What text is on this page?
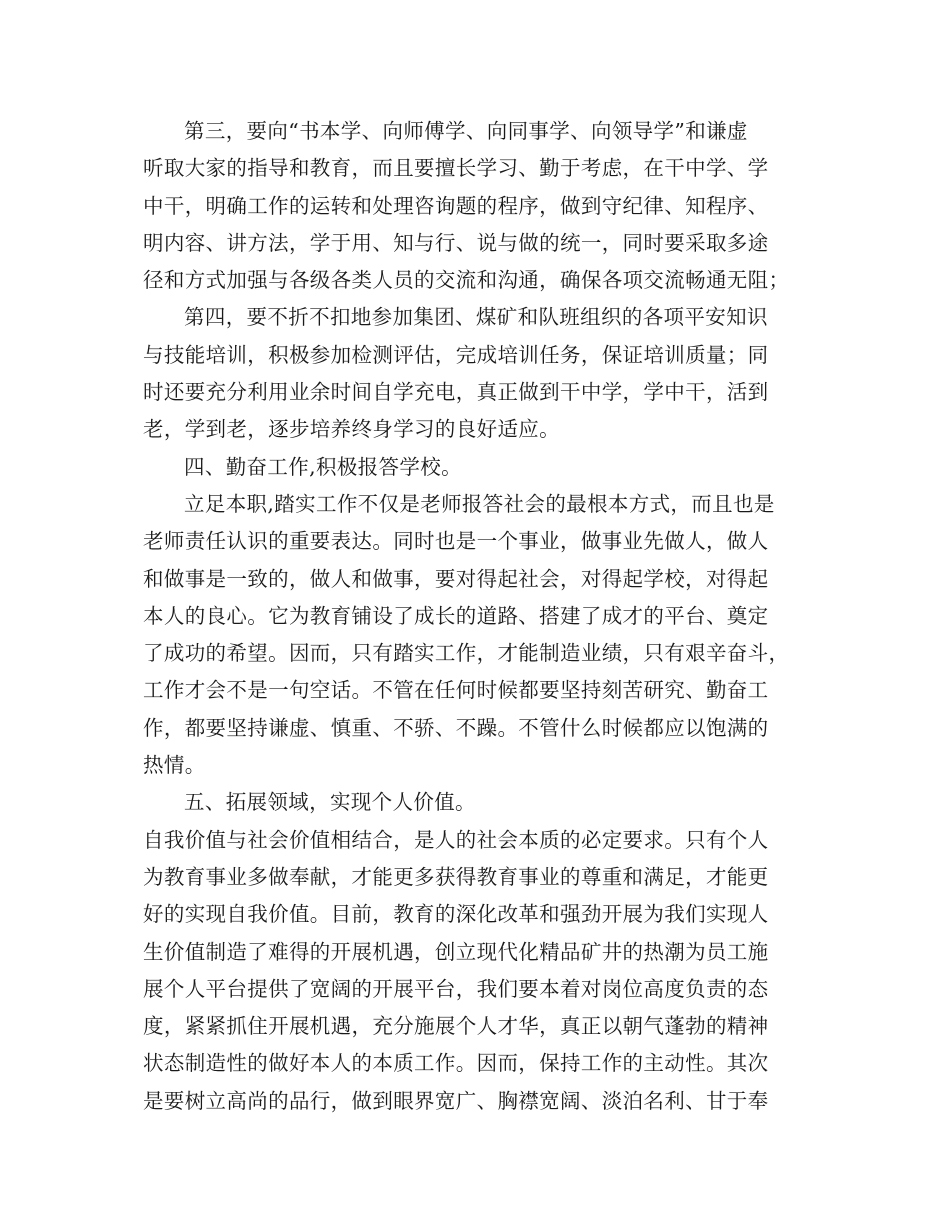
第三，要向“书本学、向师傅学、向同事学、向领导学”和谦虚
听取大家的指导和教育，而且要擅长学习、勤于考虑，在干中学、学
中干，明确工作的运转和处理咨询题的程序，做到守纪律、知程序、
明内容、讲方法，学于用、知与行、说与做的统一，同时要采取多途
径和方式加强与各级各类人员的交流和沟通，确保各项交流畅通无阻；
第四，要不折不扣地参加集团、煤矿和队班组织的各项平安知识
与技能培训，积极参加检测评估，完成培训任务，保证培训质量；同
时还要充分利用业余时间自学充电，真正做到干中学，学中干，活到
老，学到老，逐步培养终身学习的良好适应。
四、勤奋工作,积极报答学校。
立足本职,踏实工作不仅是老师报答社会的最根本方式，而且也是
老师责任认识的重要表达。同时也是一个事业，做事业先做人，做人
和做事是一致的，做人和做事，要对得起社会，对得起学校，对得起
本人的良心。它为教育铺设了成长的道路、搭建了成才的平台、奠定
了成功的希望。因而，只有踏实工作，才能制造业绩，只有艰辛奋斗，
工作才会不是一句空话。不管在任何时候都要坚持刻苦研究、勤奋工
作，都要坚持谦虚、慎重、不骄、不躁。不管什么时候都应以饱满的
热情。
五、拓展领域，实现个人价值。
自我价值与社会价值相结合，是人的社会本质的必定要求。只有个人
为教育事业多做奉献，才能更多获得教育事业的尊重和满足，才能更
好的实现自我价值。目前，教育的深化改革和强劲开展为我们实现人
生价值制造了难得的开展机遇，创立现代化精品矿井的热潮为员工施
展个人平台提供了宽阔的开展平台，我们要本着对岗位高度负责的态
度，紧紧抓住开展机遇，充分施展个人才华，真正以朝气蓬勃的精神
状态制造性的做好本人的本质工作。因而，保持工作的主动性。其次
是要树立高尚的品行，做到眼界宽广、胸襟宽阔、淡泊名利、甘于奉
